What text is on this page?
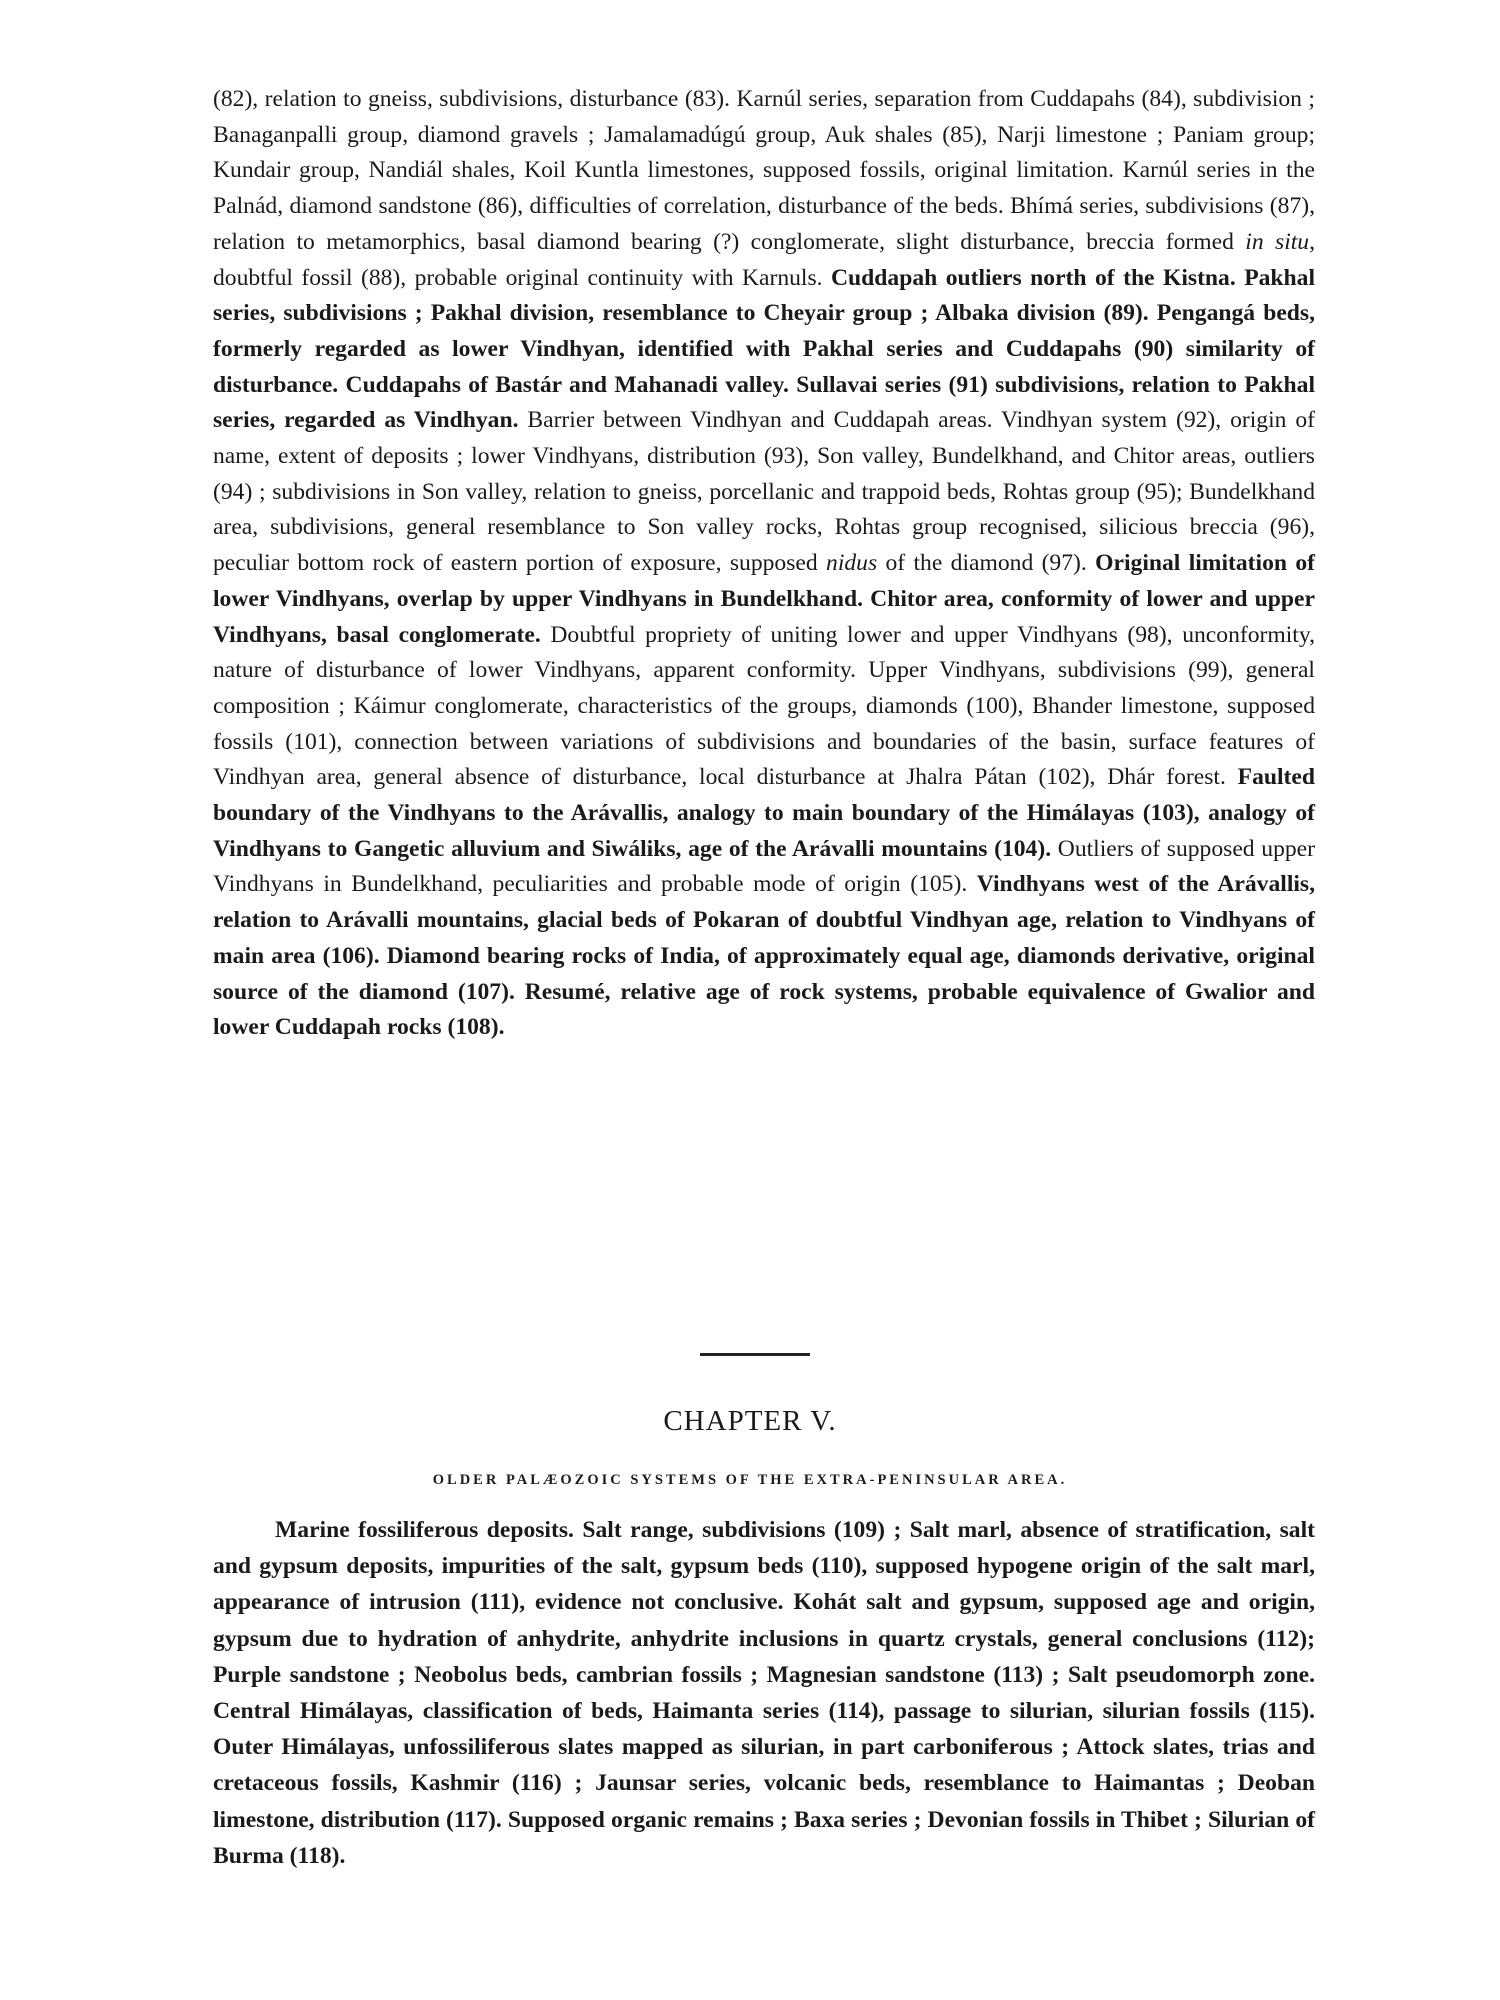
(82), relation to gneiss, subdivisions, disturbance (83). Karnúl series, separation from Cuddapahs (84), subdivision ; Banaganpalli group, diamond gravels ; Jamalamadúgú group, Auk shales (85), Narji limestone ; Paniam group; Kundair group, Nandiál shales, Koil Kuntla limestones, supposed fossils, original limitation. Karnúl series in the Palnád, diamond sandstone (86), difficulties of correlation, disturbance of the beds. Bhímá series, subdivisions (87), relation to metamorphics, basal diamond bearing (?) conglomerate, slight disturbance, breccia formed in situ, doubtful fossil (88), probable original continuity with Karnuls. Cuddapah outliers north of the Kistna. Pakhal series, subdivisions ; Pakhal division, resemblance to Cheyair group ; Albaka division (89). Pengangá beds, formerly regarded as lower Vindhyan, identified with Pakhal series and Cuddapahs (90) similarity of disturbance. Cuddapahs of Bastár and Mahanadi valley. Sullavai series (91) subdivisions, relation to Pakhal series, regarded as Vindhyan. Barrier between Vindhyan and Cuddapah areas. Vindhyan system (92), origin of name, extent of deposits ; lower Vindhyans, distribution (93), Son valley, Bundelkhand, and Chitor areas, outliers (94) ; subdivisions in Son valley, relation to gneiss, porcellanic and trappoid beds, Rohtas group (95); Bundelkhand area, subdivisions, general resemblance to Son valley rocks, Rohtas group recognised, silicious breccia (96), peculiar bottom rock of eastern portion of exposure, supposed nidus of the diamond (97). Original limitation of lower Vindhyans, overlap by upper Vindhyans in Bundelkhand. Chitor area, conformity of lower and upper Vindhyans, basal conglomerate. Doubtful propriety of uniting lower and upper Vindhyans (98), unconformity, nature of disturbance of lower Vindhyans, apparent conformity. Upper Vindhyans, subdivisions (99), general composition ; Káimur conglomerate, characteristics of the groups, diamonds (100), Bhander limestone, supposed fossils (101), connection between variations of subdivisions and boundaries of the basin, surface features of Vindhyan area, general absence of disturbance, local disturbance at Jhalra Pátan (102), Dhár forest. Faulted boundary of the Vindhyans to the Arávallis, analogy to main boundary of the Himálayas (103), analogy of Vindhyans to Gangetic alluvium and Siwáliks, age of the Arávalli mountains (104). Outliers of supposed upper Vindhyans in Bundelkhand, peculiarities and probable mode of origin (105). Vindhyans west of the Arávallis, relation to Arávalli mountains, glacial beds of Pokaran of doubtful Vindhyan age, relation to Vindhyans of main area (106). Diamond bearing rocks of India, of approximately equal age, diamonds derivative, original source of the diamond (107). Resumé, relative age of rock systems, probable equivalence of Gwalior and lower Cuddapah rocks (108).

CHAPTER V.

OLDER PALÆOZOIC SYSTEMS OF THE EXTRA-PENINSULAR AREA.

Marine fossiliferous deposits. Salt range, subdivisions (109) ; Salt marl, absence of stratification, salt and gypsum deposits, impurities of the salt, gypsum beds (110), supposed hypogene origin of the salt marl, appearance of intrusion (111), evidence not conclusive. Kohát salt and gypsum, supposed age and origin, gypsum due to hydration of anhydrite, anhydrite inclusions in quartz crystals, general conclusions (112); Purple sandstone ; Neobolus beds, cambrian fossils ; Magnesian sandstone (113) ; Salt pseudomorph zone. Central Himálayas, classification of beds, Haimanta series (114), passage to silurian, silurian fossils (115). Outer Himálayas, unfossiliferous slates mapped as silurian, in part carboniferous ; Attock slates, trias and cretaceous fossils, Kashmir (116) ; Jaunsar series, volcanic beds, resemblance to Haimantas ; Deoban limestone, distribution (117). Supposed organic remains ; Baxa series ; Devonian fossils in Thibet ; Silurian of Burma (118).
